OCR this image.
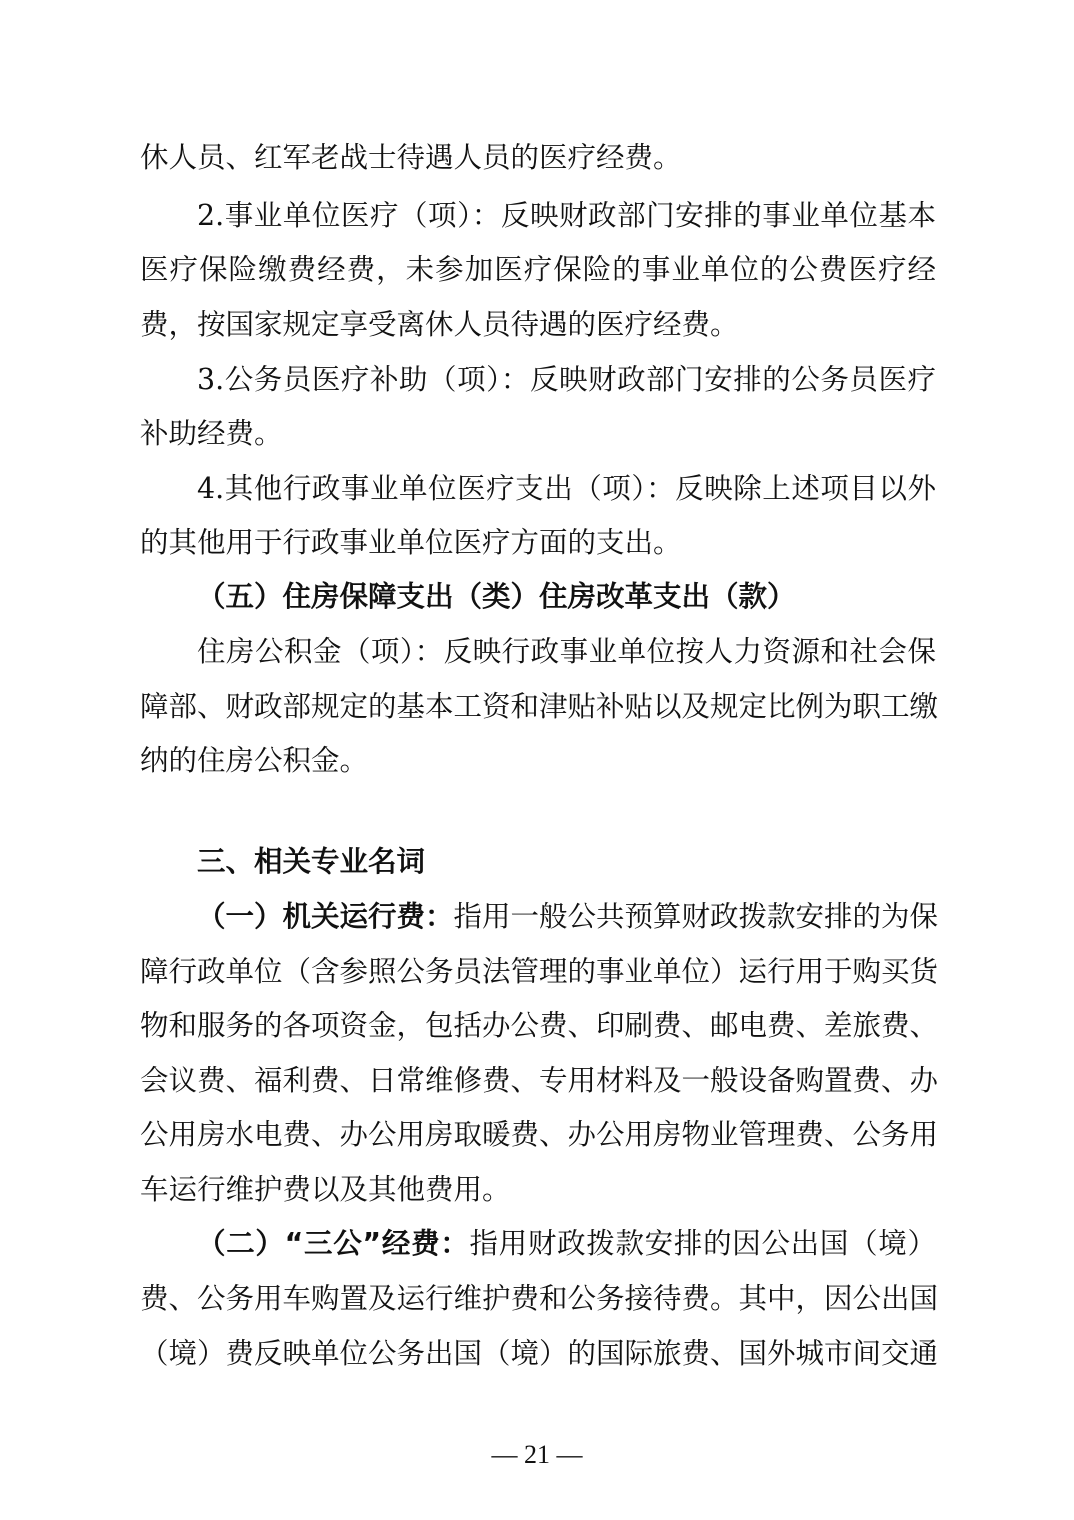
休人员、红军老战士待遇人员的医疗经费。
2.事业单位医疗（项）：反映财政部门安排的事业单位基本
医疗保险缴费经费，未参加医疗保险的事业单位的公费医疗经
费，按国家规定享受离休人员待遇的医疗经费。
3.公务员医疗补助（项）：反映财政部门安排的公务员医疗
补助经费。
4.其他行政事业单位医疗支出（项）：反映除上述项目以外
的其他用于行政事业单位医疗方面的支出。
（五）住房保障支出（类）住房改革支出（款）
住房公积金（项）：反映行政事业单位按人力资源和社会保
障部、财政部规定的基本工资和津贴补贴以及规定比例为职工缴
纳的住房公积金。
三、相关专业名词
（一）机关运行费：指用一般公共预算财政拨款安排的为保
障行政单位（含参照公务员法管理的事业单位）运行用于购买货
物和服务的各项资金，包括办公费、印刷费、邮电费、差旅费、
会议费、福利费、日常维修费、专用材料及一般设备购置费、办
公用房水电费、办公用房取暖费、办公用房物业管理费、公务用
车运行维护费以及其他费用。
（二）“三公”经费：指用财政拨款安排的因公出国（境）
费、公务用车购置及运行维护费和公务接待费。其中，因公出国
（境）费反映单位公务出国（境）的国际旅费、国外城市间交通
— 21 —
